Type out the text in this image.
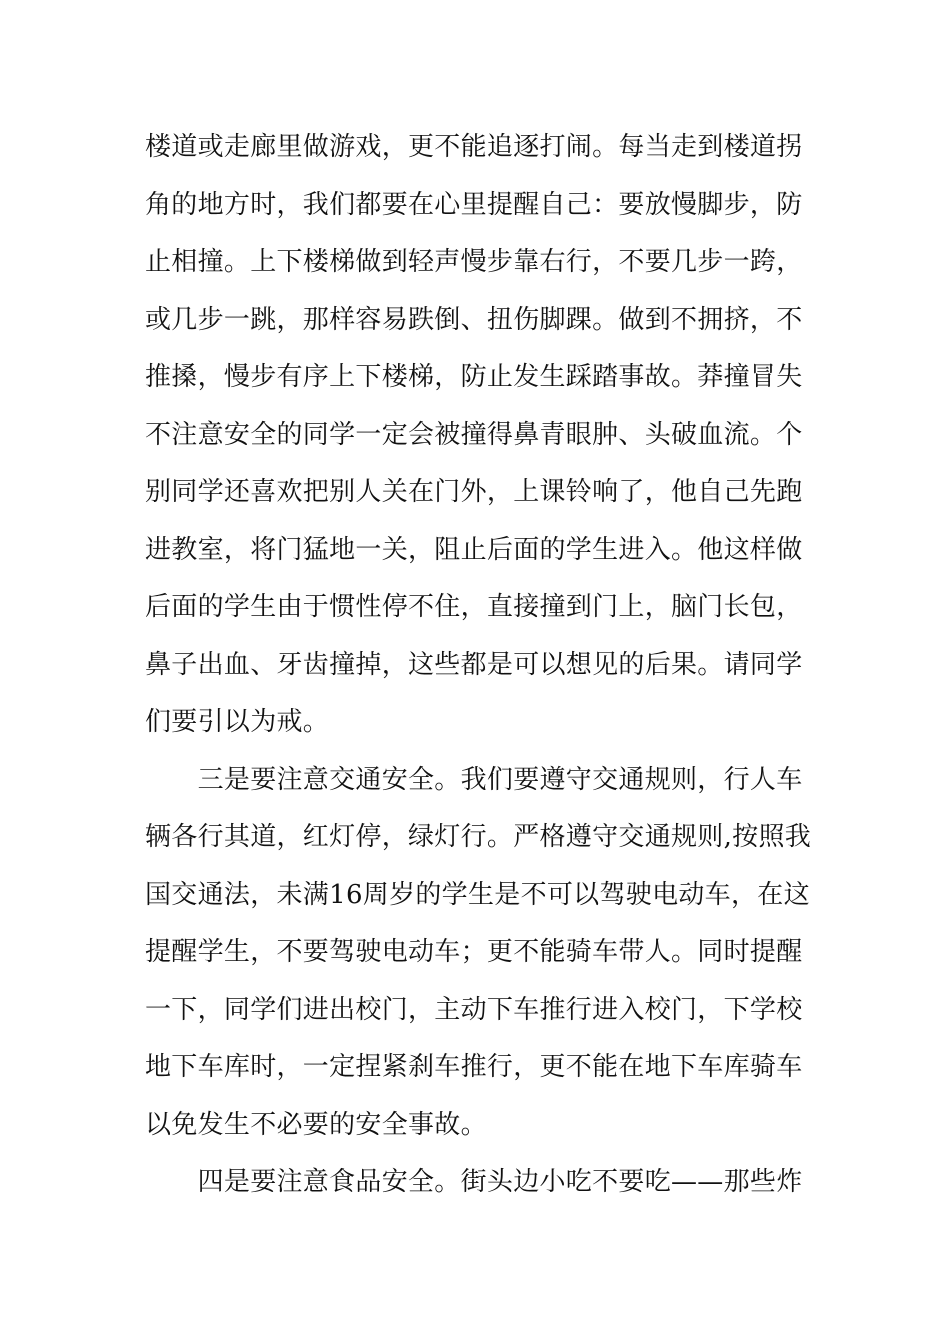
楼道或走廊里做游戏，更不能追逐打闹。每当走到楼道拐
角的地方时，我们都要在心里提醒自己：要放慢脚步，防
止相撞。上下楼梯做到轻声慢步靠右行，不要几步一跨，
或几步一跳，那样容易跌倒、扭伤脚踝。做到不拥挤，不
推搡，慢步有序上下楼梯，防止发生踩踏事故。莽撞冒失
不注意安全的同学一定会被撞得鼻青眼肿、头破血流。个
别同学还喜欢把别人关在门外，上课铃响了，他自己先跑
进教室，将门猛地一关，阻止后面的学生进入。他这样做
后面的学生由于惯性停不住，直接撞到门上，脑门长包，
鼻子出血、牙齿撞掉，这些都是可以想见的后果。请同学
们要引以为戒。
　　三是要注意交通安全。我们要遵守交通规则，行人车
辆各行其道，红灯停，绿灯行。严格遵守交通规则,按照我
国交通法，未满16周岁的学生是不可以驾驶电动车，在这
提醒学生，不要驾驶电动车；更不能骑车带人。同时提醒
一下，同学们进出校门，主动下车推行进入校门，下学校
地下车库时，一定捏紧刹车推行，更不能在地下车库骑车
以免发生不必要的安全事故。
　　四是要注意食品安全。街头边小吃不要吃——那些炸
